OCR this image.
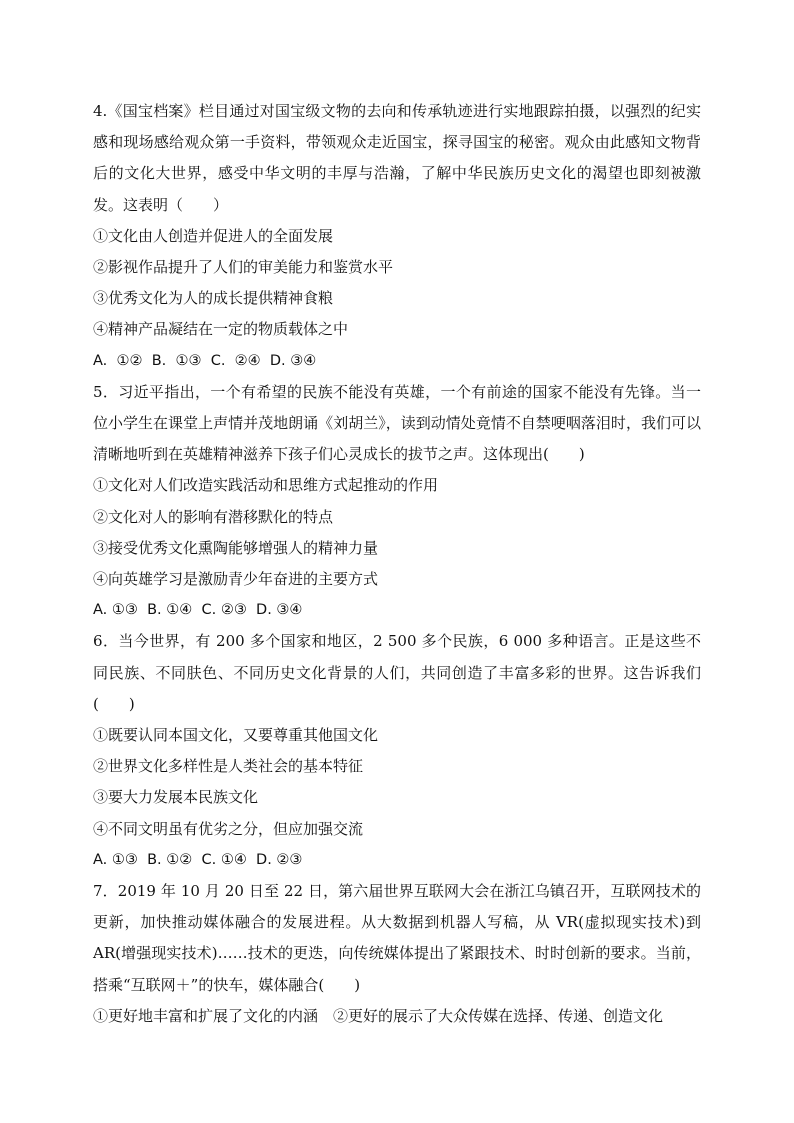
4.《国宝档案》栏目通过对国宝级文物的去向和传承轨迹进行实地跟踪拍摄，以强烈的纪实感和现场感给观众第一手资料，带领观众走近国宝，探寻国宝的秘密。观众由此感知文物背后的文化大世界，感受中华文明的丰厚与浩瀚，了解中华民族历史文化的渴望也即刻被激发。这表明（　　）

①文化由人创造并促进人的全面发展

②影视作品提升了人们的审美能力和鉴赏水平

③优秀文化为人的成长提供精神食粮

④精神产品凝结在一定的物质载体之中

A.  ①②  B.  ①③  C.  ②④  D. ③④

5．习近平指出，一个有希望的民族不能没有英雄，一个有前途的国家不能没有先锋。当一位小学生在课堂上声情并茂地朗诵《刘胡兰》，读到动情处竟情不自禁哽咽落泪时，我们可以清晰地听到在英雄精神滋养下孩子们心灵成长的拔节之声。这体现出(　　)

①文化对人们改造实践活动和思维方式起推动的作用

②文化对人的影响有潜移默化的特点

③接受优秀文化熏陶能够增强人的精神力量

④向英雄学习是激励青少年奋进的主要方式

A. ①③  B. ①④  C. ②③  D. ③④

6．当今世界，有 200 多个国家和地区，2 500 多个民族，6 000 多种语言。正是这些不同民族、不同肤色、不同历史文化背景的人们，共同创造了丰富多彩的世界。这告诉我们(　　)

①既要认同本国文化，又要尊重其他国文化

②世界文化多样性是人类社会的基本特征

③要大力发展本民族文化

④不同文明虽有优劣之分，但应加强交流

A. ①③  B. ①②  C. ①④  D. ②③

7．2019 年 10 月 20 日至 22 日，第六届世界互联网大会在浙江乌镇召开，互联网技术的更新，加快推动媒体融合的发展进程。从大数据到机器人写稿，从 VR(虚拟现实技术)到 AR(增强现实技术)……技术的更迭，向传统媒体提出了紧跟技术、时时创新的要求。当前，搭乘“互联网＋”的快车，媒体融合(　　)

①更好地丰富和扩展了文化的内涵　②更好的展示了大众传媒在选择、传递、创造文化
